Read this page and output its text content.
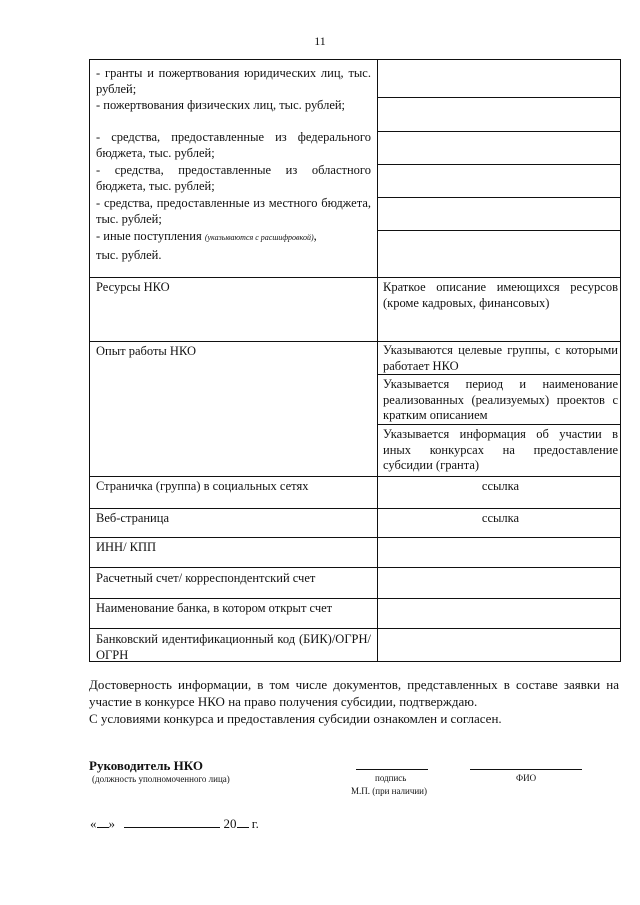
11
- гранты и пожертвования юридических лиц, тыс. рублей;
- пожертвования физических лиц, тыс. рублей;
- средства, предоставленные из федерального бюджета, тыс. рублей;
- средства, предоставленные из областного бюджета, тыс. рублей;
- средства, предоставленные из местного бюджета, тыс. рублей;
- иные поступления (указываются с расшифровкой),
тыс. рублей.
Ресурсы НКО	Краткое описание имеющихся ресурсов (кроме кадровых, финансовых)
Опыт работы НКО	Указываются целевые группы, с которыми работает НКО
Указывается период и наименование реализованных (реализуемых) проектов с кратким описанием
Указывается информация об участии в иных конкурсах на предоставление субсидии (гранта)
Страничка (группа) в социальных сетях	ссылка
Веб-страница	ссылка
ИНН/ КПП
Расчетный счет/ корреспондентский счет
Наименование банка, в котором открыт счет
Банковский идентификационный код (БИК)/ОГРН/ОГРН
Достоверность информации, в том числе документов, представленных в составе заявки на участие в конкурсе НКО на право получения субсидии, подтверждаю.
С условиями конкурса и предоставления субсидии ознакомлен и согласен.
Руководитель НКО
(должность уполномоченного лица)	подпись	ФИО
М.П. (при наличии)
« »	20 г.
